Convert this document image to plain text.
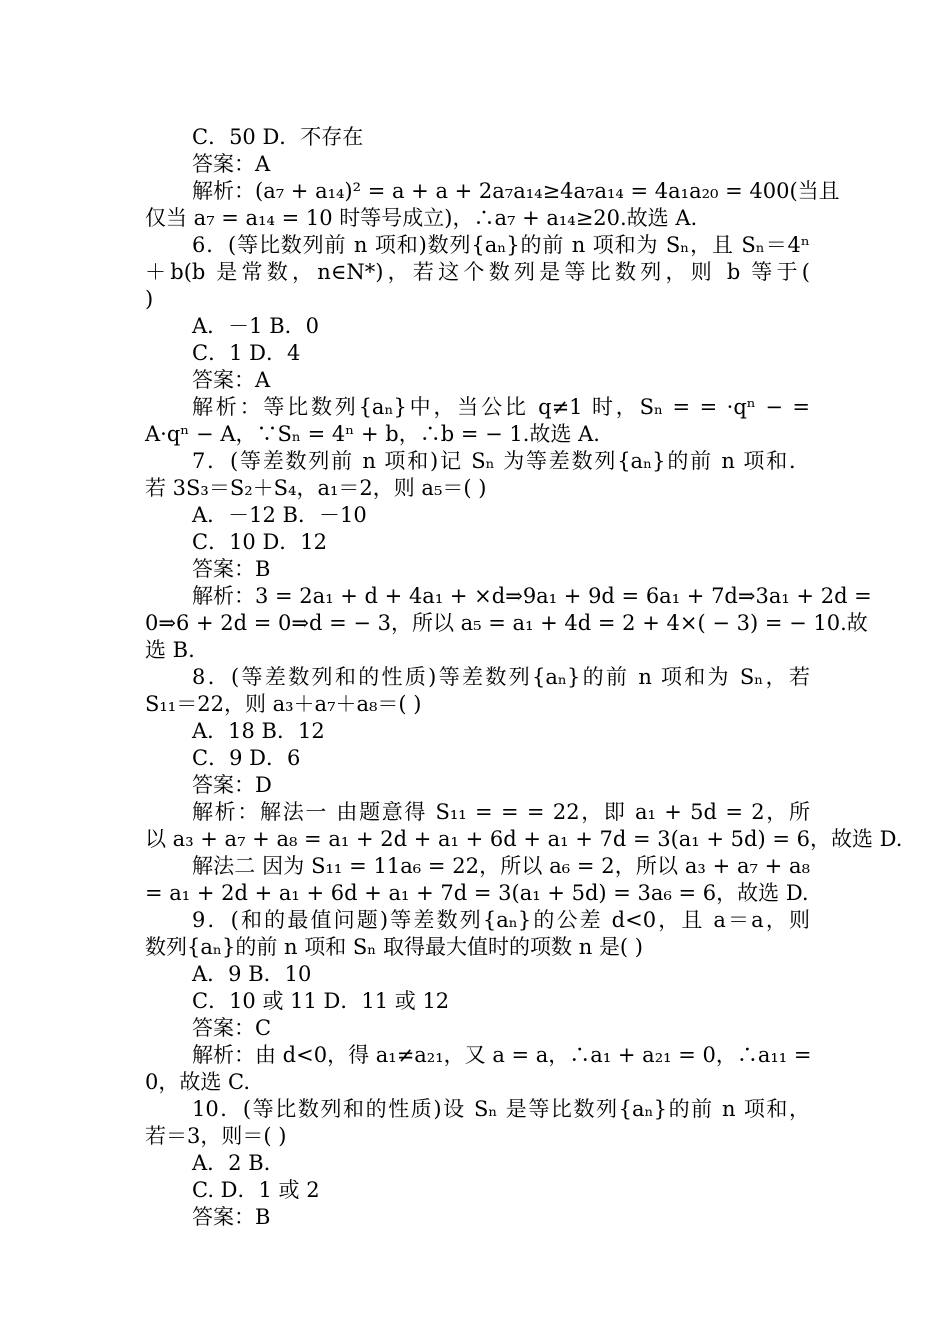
C．50 D．不存在
答案：A
解析：(a₇ + a₁₄)² = a + a + 2a₇a₁₄≥4a₇a₁₄ = 4a₁a₂₀ = 400(当且
仅当 a₇ = a₁₄ = 10 时等号成立)，∴a₇ + a₁₄≥20.故选 A.
6．(等比数列前 n 项和)数列{aₙ}的前 n 项和为 Sₙ，且 Sₙ＝4ⁿ
＋b(b 是常数，n∈N*)，若这个数列是等比数列，则 b 等于(
)
A．－1 B．0
C．1 D．4
答案：A
解析：等比数列{aₙ}中，当公比 q≠1 时，Sₙ = = ·qⁿ − =
A·qⁿ − A，∵Sₙ = 4ⁿ + b，∴b = − 1.故选 A.
7．(等差数列前 n 项和)记 Sₙ 为等差数列{aₙ}的前 n 项和．
若 3S₃＝S₂＋S₄，a₁＝2，则 a₅＝( )
A．－12 B．－10
C．10 D．12
答案：B
解析：3 = 2a₁ + d + 4a₁ + ×d⇒9a₁ + 9d = 6a₁ + 7d⇒3a₁ + 2d =
0⇒6 + 2d = 0⇒d = − 3，所以 a₅ = a₁ + 4d = 2 + 4×( − 3) = − 10.故
选 B.
8．(等差数列和的性质)等差数列{aₙ}的前 n 项和为 Sₙ，若
S₁₁＝22，则 a₃＋a₇＋a₈＝( )
A．18 B．12
C．9 D．6
答案：D
解析：解法一 由题意得 S₁₁ = = = 22，即 a₁ + 5d = 2，所
以 a₃ + a₇ + a₈ = a₁ + 2d + a₁ + 6d + a₁ + 7d = 3(a₁ + 5d) = 6，故选 D.
解法二 因为 S₁₁ = 11a₆ = 22，所以 a₆ = 2，所以 a₃ + a₇ + a₈
= a₁ + 2d + a₁ + 6d + a₁ + 7d = 3(a₁ + 5d) = 3a₆ = 6，故选 D.
9．(和的最值问题)等差数列{aₙ}的公差 d<0，且 a＝a，则
数列{aₙ}的前 n 项和 Sₙ 取得最大值时的项数 n 是( )
A．9 B．10
C．10 或 11 D．11 或 12
答案：C
解析：由 d<0，得 a₁≠a₂₁，又 a = a，∴a₁ + a₂₁ = 0，∴a₁₁ =
0，故选 C.
10．(等比数列和的性质)设 Sₙ 是等比数列{aₙ}的前 n 项和，
若＝3，则＝( )
A．2 B.
C. D．1 或 2
答案：B
